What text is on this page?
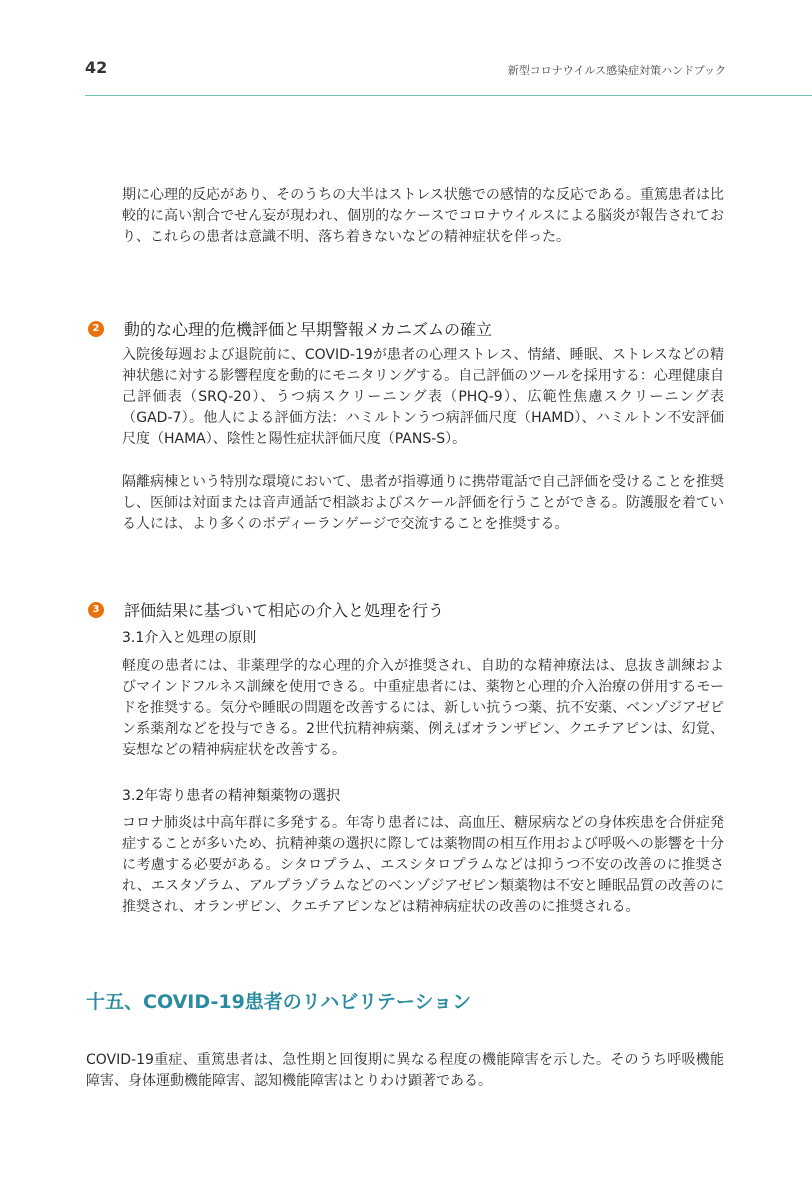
42	新型コロナウイルス感染症対策ハンドブック

期に心理的反応があり、そのうちの大半はストレス状態での感情的な反応である。重篤患者は比較的に高い割合でせん妄が現われ、個別的なケースでコロナウイルスによる脳炎が報告されており、これらの患者は意識不明、落ち着きないなどの精神症状を伴った。

2 動的な心理的危機評価と早期警報メカニズムの確立

入院後毎週および退院前に、COVID-19が患者の心理ストレス、情緒、睡眠、ストレスなどの精神状態に対する影響程度を動的にモニタリングする。自己評価のツールを採用する：心理健康自己評価表（SRQ-20）、うつ病スクリーニング表（PHQ-9）、広範性焦慮スクリーニング表（GAD-7）。他人による評価方法：ハミルトンうつ病評価尺度（HAMD）、ハミルトン不安評価尺度（HAMA）、陰性と陽性症状評価尺度（PANS-S）。

隔離病棟という特別な環境において、患者が指導通りに携帯電話で自己評価を受けることを推奨し、医師は対面または音声通話で相談およびスケール評価を行うことができる。防護服を着ている人には、より多くのボディーランゲージで交流することを推奨する。

3 評価結果に基づいて相応の介入と処理を行う
3.1介入と処理の原則

軽度の患者には、非薬理学的な心理的介入が推奨され、自助的な精神療法は、息抜き訓練およびマインドフルネス訓練を使用できる。中重症患者には、薬物と心理的介入治療の併用するモードを推奨する。気分や睡眠の問題を改善するには、新しい抗うつ薬、抗不安薬、ベンゾジアゼピン系薬剤などを投与できる。2世代抗精神病薬、例えばオランザピン、クエチアピンは、幻覚、妄想などの精神病症状を改善する。

3.2年寄り患者の精神類薬物の選択

コロナ肺炎は中高年群に多発する。年寄り患者には、高血圧、糖尿病などの身体疾患を合併症発症することが多いため、抗精神薬の選択に際しては薬物間の相互作用および呼吸への影響を十分に考慮する必要がある。シタロプラム、エスシタロプラムなどは抑うつ不安の改善のに推奨され、エスタゾラム、アルプラゾラムなどのベンゾジアゼピン類薬物は不安と睡眠品質の改善のに推奨され、オランザピン、クエチアピンなどは精神病症状の改善のに推奨される。

十五、COVID-19患者のリハビリテーション

COVID-19重症、重篤患者は、急性期と回復期に異なる程度の機能障害を示した。そのうち呼吸機能障害、身体運動機能障害、認知機能障害はとりわけ顕著である。
